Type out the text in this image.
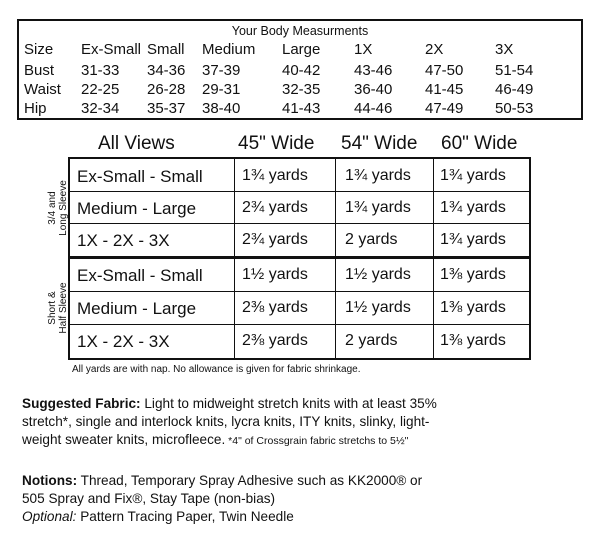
Your Body Measurments
Size Ex-Small Small Medium Large 1X	2X	3X
Bust 31-33 34-36 37-39	40-42 43-46 47-50 51-54
Waist 22-25 26-28 29-31	32-35 36-40 41-45 46-49
Hip 32-34 35-37 38-40	41-43 44-46 47-49 50-53
All Views	45" Wide 54" Wide 60" Wide
3/4 and
Long Sleeve
Short &
Half Sleeve
Ex-Small - Small 1¾ yards 1¾ yards 1¾ yards
Medium - Large	2¾ yards 1¾ yards 1¾ yards
1X - 2X - 3X	2¾ yards 2 yards	1¾ yards
Ex-Small - Small 1½ yards 1½ yards 1⅜ yards
Medium - Large	2⅜ yards 1½ yards 1⅜ yards
1X - 2X - 3X	2⅜ yards 2 yards	1⅜ yards
All yards are with nap. No allowance is given for fabric shrinkage.
Suggested Fabric: Light to midweight stretch knits with at least 35%
stretch*, single and interlock knits, lycra knits, ITY knits, slinky, light-
weight sweater knits, microfleece. *4" of Crossgrain fabric stretchs to 5½"
Notions: Thread, Temporary Spray Adhesive such as KK2000® or
505 Spray and Fix®, Stay Tape (non-bias)
Optional: Pattern Tracing Paper, Twin Needle
